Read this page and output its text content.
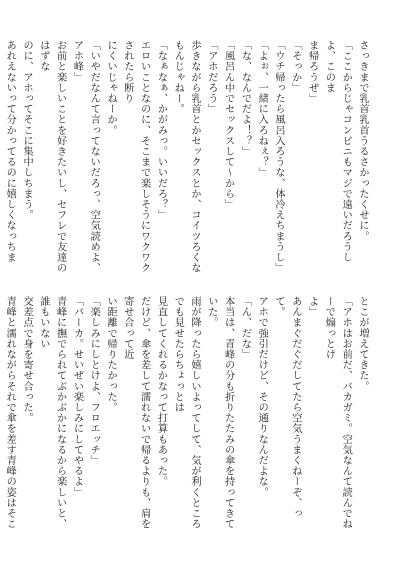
さっきまで乳首乳首うるさかったくせに。

「ここからじゃコンビニもマジで遠いだろうしよ、このま

ま帰ろうぜ」

「そっか」

「ウチ帰ったら風呂入ろうな、体冷えちまうし」

「よぉ、一緒に入ろねぇ？」

「な、なんでだよ！？」

「風呂ん中でセックスして～から」

「アホだろう」

歩きながら乳首とかセックスとか、コイツろくなもんじゃねー。

「なぁなぁ、かがみっ。いいだろ？」

エロいことなのに、そこまで楽しそうにワクワクされたら断り

にくいじゃねーか。

「いやだなんて言ってないだろっ、空気読めよ、アホ峰」

お前と楽しいことを好きたいし、セフレで友達のはずな

のに、アホってそこに集中しちまう。

あれえないって分かってるのに嬉しくなっちま

とこが増えてきた。

「アホはお前だ、バカガミ。空気なんて読んでねーで煽っとけ

よ」

あんまぐだぐだしてたら空気うまくねーぞ、って。

アホで強引だけど、その通りなんだよな。

「ん、だな」

本当は、青峰の分も折りたたみの傘を持ってきていた。

雨が降ったら嬉しいよってして、気が利くところでも見せたらちょっとは

見直してくれるかなって打算もあった。

だけど、傘を差して濡れないで帰るよりも、肩を寄せ合って近

い距離で帰りたかった。

「楽しみにしとけよ、フロエッチ」

「バーカ。せいぜい楽しみにしてやるよ」

青峰に撫でられてぶかぶかになるから楽しいと、誰もいない

交差点で身を寄せ合った。

青峰と濡れながらそれで傘を差す青峰の姿はそこ
